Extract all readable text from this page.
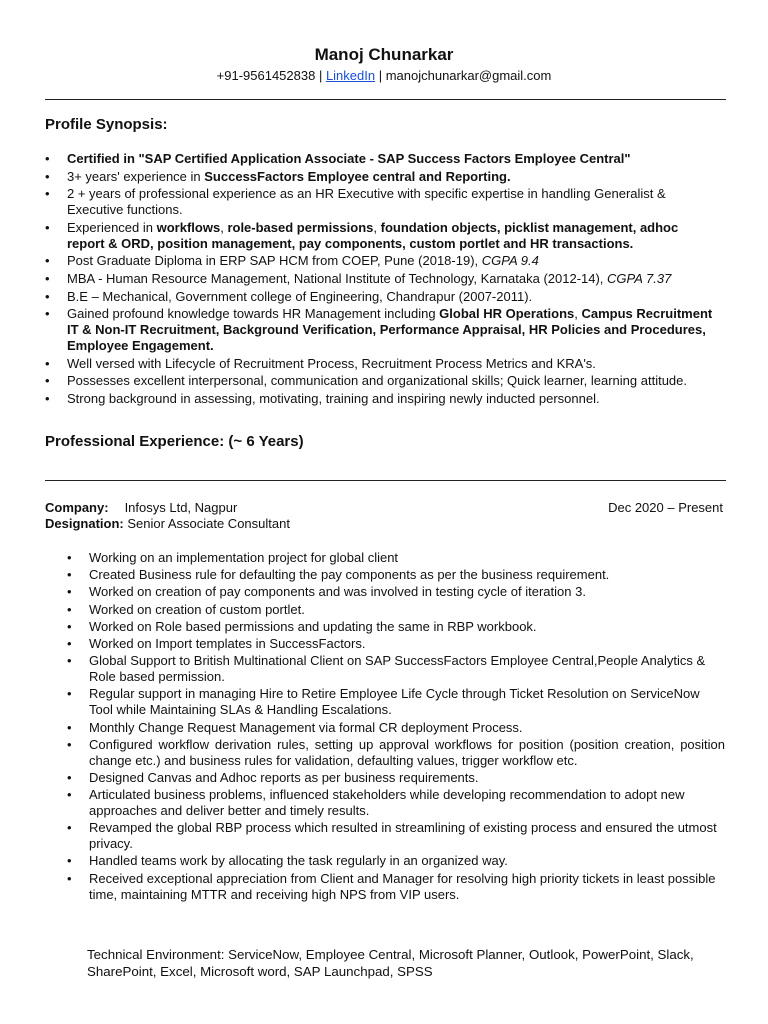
Manoj Chunarkar

+91-9561452838 | LinkedIn | manojchunarkar@gmail.com

Profile Synopsis:
• Certified in "SAP Certified Application Associate - SAP Success Factors Employee Central"
• 3+ years' experience in SuccessFactors Employee central and Reporting.
• 2 + years of professional experience as an HR Executive with specific expertise in handling Generalist & Executive functions.
• Experienced in workflows, role-based permissions, foundation objects, picklist management, adhoc report & ORD, position management, pay components, custom portlet and HR transactions.
• Post Graduate Diploma in ERP SAP HCM from COEP, Pune (2018-19), CGPA 9.4
• MBA - Human Resource Management, National Institute of Technology, Karnataka (2012-14), CGPA 7.37
• B.E – Mechanical, Government college of Engineering, Chandrapur (2007-2011).
• Gained profound knowledge towards HR Management including Global HR Operations, Campus Recruitment IT & Non-IT Recruitment, Background Verification, Performance Appraisal, HR Policies and Procedures, Employee Engagement.
• Well versed with Lifecycle of Recruitment Process, Recruitment Process Metrics and KRA's.
• Possesses excellent interpersonal, communication and organizational skills; Quick learner, learning attitude.
• Strong background in assessing, motivating, training and inspiring newly inducted personnel.
Professional Experience: (~ 6 Years)

Company: Infosys Ltd, Nagpur	Dec 2020 – Present

Designation: Senior Associate Consultant

• Working on an implementation project for global client
• Created Business rule for defaulting the pay components as per the business requirement.
• Worked on creation of pay components and was involved in testing cycle of iteration 3.
• Worked on creation of custom portlet.
• Worked on Role based permissions and updating the same in RBP workbook.
• Worked on Import templates in SuccessFactors.
• Global Support to British Multinational Client on SAP SuccessFactors Employee Central,People Analytics & Role based permission.
• Regular support in managing Hire to Retire Employee Life Cycle through Ticket Resolution on ServiceNow Tool while Maintaining SLAs & Handling Escalations.
• Monthly Change Request Management via formal CR deployment Process.
• Configured workflow derivation rules, setting up approval workflows for position (position creation, position change etc.) and business rules for validation, defaulting values, trigger workflow etc.
• Designed Canvas and Adhoc reports as per business requirements.
• Articulated business problems, influenced stakeholders while developing recommendation to adopt new approaches and deliver better and timely results.
• Revamped the global RBP process which resulted in streamlining of existing process and ensured the utmost privacy.
• Handled teams work by allocating the task regularly in an organized way.
• Received exceptional appreciation from Client and Manager for resolving high priority tickets in least possible time, maintaining MTTR and receiving high NPS from VIP users.

Technical Environment: ServiceNow, Employee Central, Microsoft Planner, Outlook, PowerPoint, Slack, SharePoint, Excel, Microsoft word, SAP Launchpad, SPSS
